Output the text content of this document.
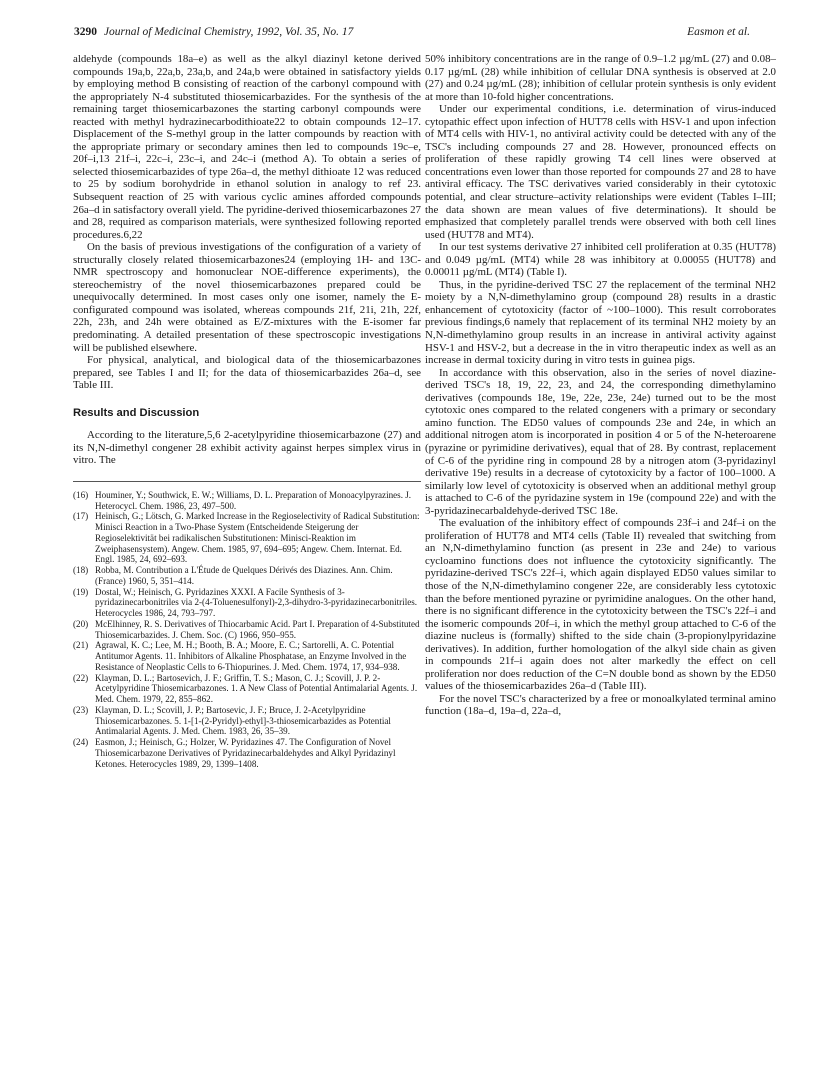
3290 Journal of Medicinal Chemistry, 1992, Vol. 35, No. 17	Easmon et al.

aldehyde (compounds 18a–e) as well as the alkyl diazinyl ketone derived compounds 19a,b, 22a,b, 23a,b, and 24a,b were obtained in satisfactory yields by employing method B consisting of reaction of the carbonyl compound with the appropriately N-4 substituted thiosemicarbazides. For the synthesis of the remaining target thiosemicarbazones the starting carbonyl compounds were reacted with methyl hydrazinecarbodithioate22 to obtain compounds 12–17. Displacement of the S-methyl group in the latter compounds by reaction with the appropriate primary or secondary amines then led to compounds 19c–e, 20f–i,13 21f–i, 22c–i, 23c–i, and 24c–i (method A). To obtain a series of selected thiosemicarbazides of type 26a–d, the methyl dithioate 12 was reduced to 25 by sodium borohydride in ethanol solution in analogy to ref 23. Subsequent reaction of 25 with various cyclic amines afforded compounds 26a–d in satisfactory overall yield. The pyridine-derived thiosemicarbazones 27 and 28, required as comparison materials, were synthesized following reported procedures.6,22

On the basis of previous investigations of the configuration of a variety of structurally closely related thiosemicarbazones24 (employing 1H- and 13C-NMR spectroscopy and homonuclear NOE-difference experiments), the stereochemistry of the novel thiosemicarbazones prepared could be unequivocally determined. In most cases only one isomer, namely the E-configurated compound was isolated, whereas compounds 21f, 21i, 21h, 22f, 22h, 23h, and 24h were obtained as E/Z-mixtures with the E-isomer far predominating. A detailed presentation of these spectroscopic investigations will be published elsewhere.

For physical, analytical, and biological data of the thiosemicarbazones prepared, see Tables I and II; for the data of thiosemicarbazides 26a–d, see Table III.

Results and Discussion

According to the literature,5,6 2-acetylpyridine thiosemicarbazone (27) and its N,N-dimethyl congener 28 exhibit activity against herpes simplex virus in vitro. The

(16) Houminer, Y.; Southwick, E. W.; Williams, D. L. Preparation of Monoacylpyrazines. J. Heterocycl. Chem. 1986, 23, 497–500.
(17) Heinisch, G.; Lötsch, G. Marked Increase in the Regioselectivity of Radical Substitution: Minisci Reaction in a Two-Phase System (Entscheidende Steigerung der Regioselektivität bei radikalischen Substitutionen: Minisci-Reaktion im Zweiphasensystem). Angew. Chem. 1985, 97, 694–695; Angew. Chem. Internat. Ed. Engl. 1985, 24, 692–693.
(18) Robba, M. Contribution a L'Étude de Quelques Dérivés des Diazines. Ann. Chim. (France) 1960, 5, 351–414.
(19) Dostal, W.; Heinisch, G. Pyridazines XXXI. A Facile Synthesis of 3-pyridazinecarbonitriles via 2-(4-Toluenesulfonyl)-2,3-dihydro-3-pyridazinecarbonitriles. Heterocycles 1986, 24, 793–797.
(20) McElhinney, R. S. Derivatives of Thiocarbamic Acid. Part I. Preparation of 4-Substituted Thiosemicarbazides. J. Chem. Soc. (C) 1966, 950–955.
(21) Agrawal, K. C.; Lee, M. H.; Booth, B. A.; Moore, E. C.; Sartorelli, A. C. Potential Antitumor Agents. 11. Inhibitors of Alkaline Phosphatase, an Enzyme Involved in the Resistance of Neoplastic Cells to 6-Thiopurines. J. Med. Chem. 1974, 17, 934–938.
(22) Klayman, D. L.; Bartosevich, J. F.; Griffin, T. S.; Mason, C. J.; Scovill, J. P. 2-Acetylpyridine Thiosemicarbazones. 1. A New Class of Potential Antimalarial Agents. J. Med. Chem. 1979, 22, 855–862.
(23) Klayman, D. L.; Scovill, J. P.; Bartosevic, J. F.; Bruce, J. 2-Acetylpyridine Thiosemicarbazones. 5. 1-[1-(2-Pyridyl)-ethyl]-3-thiosemicarbazides as Potential Antimalarial Agents. J. Med. Chem. 1983, 26, 35–39.
(24) Easmon, J.; Heinisch, G.; Holzer, W. Pyridazines 47. The Configuration of Novel Thiosemicarbazone Derivatives of Pyridazinecarbaldehydes and Alkyl Pyridazinyl Ketones. Heterocycles 1989, 29, 1399–1408.

50% inhibitory concentrations are in the range of 0.9–1.2 µg/mL (27) and 0.08–0.17 µg/mL (28) while inhibition of cellular DNA synthesis is observed at 2.0 (27) and 0.24 µg/mL (28); inhibition of cellular protein synthesis is only evident at more than 10-fold higher concentrations.

Under our experimental conditions, i.e. determination of virus-induced cytopathic effect upon infection of HUT78 cells with HSV-1 and upon infection of MT4 cells with HIV-1, no antiviral activity could be detected with any of the TSC's including compounds 27 and 28. However, pronounced effects on proliferation of these rapidly growing T4 cell lines were observed at concentrations even lower than those reported for compounds 27 and 28 to have antiviral efficacy. The TSC derivatives varied considerably in their cytotoxic potential, and clear structure–activity relationships were evident (Tables I–III; the data shown are mean values of five determinations). It should be emphasized that completely parallel trends were observed with both cell lines used (HUT78 and MT4).

In our test systems derivative 27 inhibited cell proliferation at 0.35 (HUT78) and 0.049 µg/mL (MT4) while 28 was inhibitory at 0.00055 (HUT78) and 0.00011 µg/mL (MT4) (Table I).

Thus, in the pyridine-derived TSC 27 the replacement of the terminal NH2 moiety by a N,N-dimethylamino group (compound 28) results in a drastic enhancement of cytotoxicity (factor of ~100–1000). This result corroborates previous findings,6 namely that replacement of its terminal NH2 moiety by an N,N-dimethylamino group results in an increase in antiviral activity against HSV-1 and HSV-2, but a decrease in the in vitro therapeutic index as well as an increase in dermal toxicity during in vitro tests in guinea pigs.

In accordance with this observation, also in the series of novel diazine-derived TSC's 18, 19, 22, 23, and 24, the corresponding dimethylamino derivatives (compounds 18e, 19e, 22e, 23e, 24e) turned out to be the most cytotoxic ones compared to the related congeners with a primary or secondary amino function. The ED50 values of compounds 23e and 24e, in which an additional nitrogen atom is incorporated in position 4 or 5 of the N-heteroarene (pyrazine or pyrimidine derivatives), equal that of 28. By contrast, replacement of C-6 of the pyridine ring in compound 28 by a nitrogen atom (3-pyridazinyl derivative 19e) results in a decrease of cytotoxicity by a factor of 100–1000. A similarly low level of cytotoxicity is observed when an additional methyl group is attached to C-6 of the pyridazine system in 19e (compound 22e) and with the 3-pyridazinecarbaldehyde-derived TSC 18e.

The evaluation of the inhibitory effect of compounds 23f–i and 24f–i on the proliferation of HUT78 and MT4 cells (Table II) revealed that switching from an N,N-dimethylamino function (as present in 23e and 24e) to various cycloamino functions does not influence the cytotoxicity significantly. The pyridazine-derived TSC's 22f–i, which again displayed ED50 values similar to those of the N,N-dimethylamino congener 22e, are considerably less cytotoxic than the before mentioned pyrazine or pyrimidine analogues. On the other hand, there is no significant difference in the cytotoxicity between the TSC's 22f–i and the isomeric compounds 20f–i, in which the methyl group attached to C-6 of the diazine nucleus is (formally) shifted to the side chain (3-propionylpyridazine derivatives). In addition, further homologation of the alkyl side chain as given in compounds 21f–i again does not alter markedly the effect on cell proliferation nor does reduction of the C=N double bond as shown by the ED50 values of the thiosemicarbazides 26a–d (Table III).

For the novel TSC's characterized by a free or monoalkylated terminal amino function (18a–d, 19a–d, 22a–d,
